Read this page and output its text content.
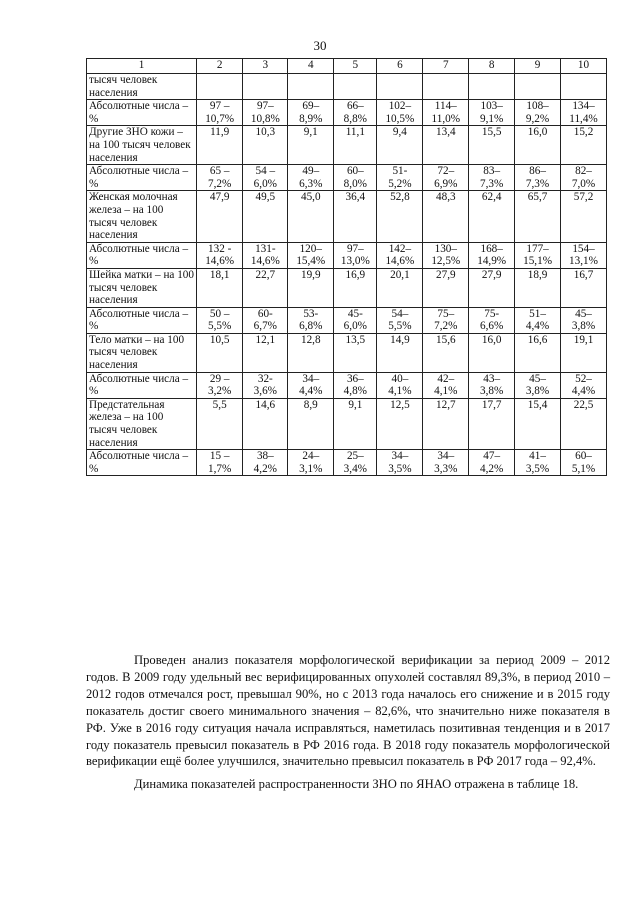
30
1	2	3	4	5	6	7	8	9	10
тысяч человек населения									
Абсолютные числа – %	97 – 10,7%	97– 10,8%	69– 8,9%	66– 8,8%	102– 10,5%	114– 11,0%	103– 9,1%	108– 9,2%	134– 11,4%
Другие ЗНО кожи – на 100 тысяч человек населения	11,9	10,3	9,1	11,1	9,4	13,4	15,5	16,0	15,2
Абсолютные числа – %	65 – 7,2%	54 – 6,0%	49– 6,3%	60– 8,0%	51- 5,2%	72– 6,9%	83– 7,3%	86– 7,3%	82– 7,0%
Женская молочная железа – на 100 тысяч человек населения	47,9	49,5	45,0	36,4	52,8	48,3	62,4	65,7	57,2
Абсолютные числа – %	132 - 14,6%	131- 14,6%	120– 15,4%	97– 13,0%	142– 14,6%	130– 12,5%	168– 14,9%	177– 15,1%	154– 13,1%
Шейка матки – на 100 тысяч человек населения	18,1	22,7	19,9	16,9	20,1	27,9	27,9	18,9	16,7
Абсолютные числа – %	50 – 5,5%	60- 6,7%	53- 6,8%	45- 6,0%	54– 5,5%	75– 7,2%	75- 6,6%	51– 4,4%	45– 3,8%
Тело матки – на 100 тысяч человек населения	10,5	12,1	12,8	13,5	14,9	15,6	16,0	16,6	19,1
Абсолютные числа – %	29 – 3,2%	32- 3,6%	34– 4,4%	36– 4,8%	40– 4,1%	42– 4,1%	43– 3,8%	45– 3,8%	52– 4,4%
Предстательная железа – на 100 тысяч человек населения	5,5	14,6	8,9	9,1	12,5	12,7	17,7	15,4	22,5
Абсолютные числа – %	15 – 1,7%	38– 4,2%	24– 3,1%	25– 3,4%	34– 3,5%	34– 3,3%	47– 4,2%	41– 3,5%	60– 5,1%
Проведен анализ показателя морфологической верификации за период 2009 – 2012 годов. В 2009 году удельный вес верифицированных опухолей составлял 89,3%, в период 2010 – 2012 годов отмечался рост, превышал 90%, но с 2013 года началось его снижение и в 2015 году показатель достиг своего минимального значения – 82,6%, что значительно ниже показателя в РФ. Уже в 2016 году ситуация начала исправляться, наметилась позитивная тенденция и в 2017 году показатель превысил показатель в РФ 2016 года. В 2018 году показатель морфологической верификации ещё более улучшился, значительно превысил показатель в РФ 2017 года – 92,4%.
Динамика показателей распространенности ЗНО по ЯНАО отражена в таблице 18.
